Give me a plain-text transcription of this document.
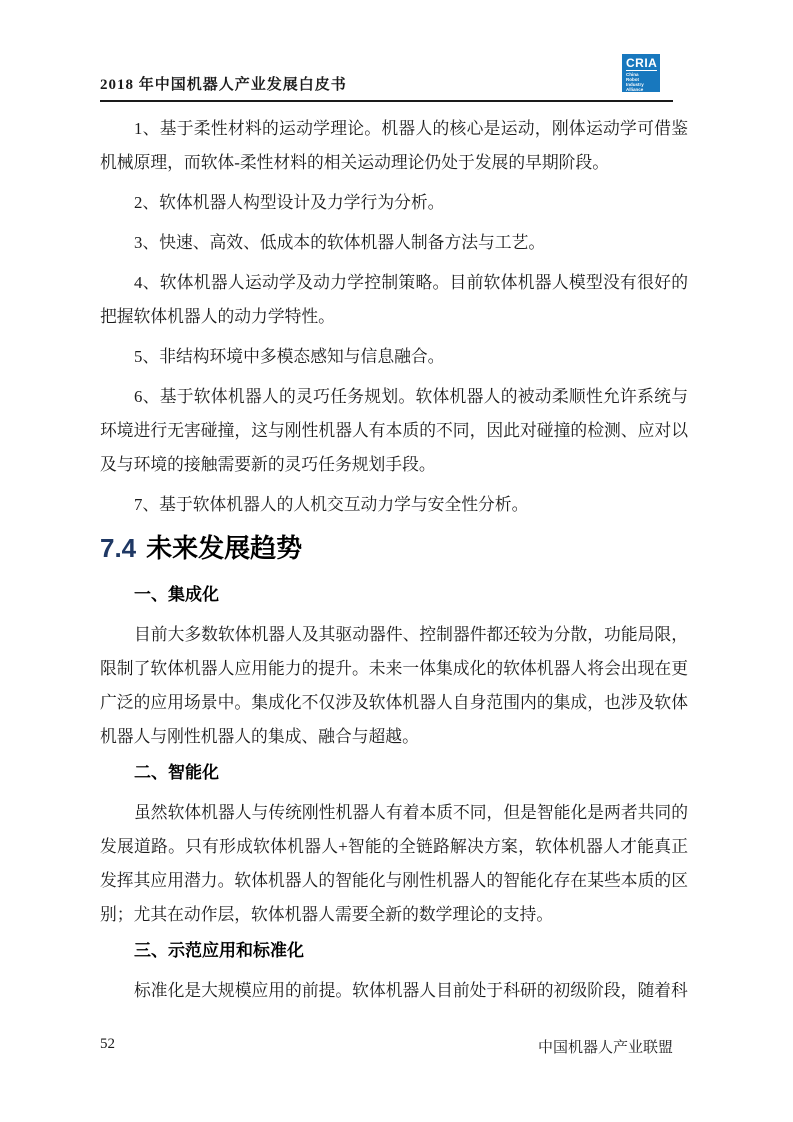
2018 年中国机器人产业发展白皮书
CRIA
China
Robot
Industry
Alliance

1、基于柔性材料的运动学理论。机器人的核心是运动，刚体运动学可借鉴机械原理，而软体-柔性材料的相关运动理论仍处于发展的早期阶段。

2、软体机器人构型设计及力学行为分析。

3、快速、高效、低成本的软体机器人制备方法与工艺。

4、软体机器人运动学及动力学控制策略。目前软体机器人模型没有很好的把握软体机器人的动力学特性。

5、非结构环境中多模态感知与信息融合。

6、基于软体机器人的灵巧任务规划。软体机器人的被动柔顺性允许系统与环境进行无害碰撞，这与刚性机器人有本质的不同，因此对碰撞的检测、应对以及与环境的接触需要新的灵巧任务规划手段。

7、基于软体机器人的人机交互动力学与安全性分析。

7.4 未来发展趋势
一、集成化

目前大多数软体机器人及其驱动器件、控制器件都还较为分散，功能局限，限制了软体机器人应用能力的提升。未来一体集成化的软体机器人将会出现在更广泛的应用场景中。集成化不仅涉及软体机器人自身范围内的集成，也涉及软体机器人与刚性机器人的集成、融合与超越。

二、智能化

虽然软体机器人与传统刚性机器人有着本质不同，但是智能化是两者共同的发展道路。只有形成软体机器人+智能的全链路解决方案，软体机器人才能真正发挥其应用潜力。软体机器人的智能化与刚性机器人的智能化存在某些本质的区别；尤其在动作层，软体机器人需要全新的数学理论的支持。

三、示范应用和标准化

标准化是大规模应用的前提。软体机器人目前处于科研的初级阶段，随着科

52	中国机器人产业联盟
